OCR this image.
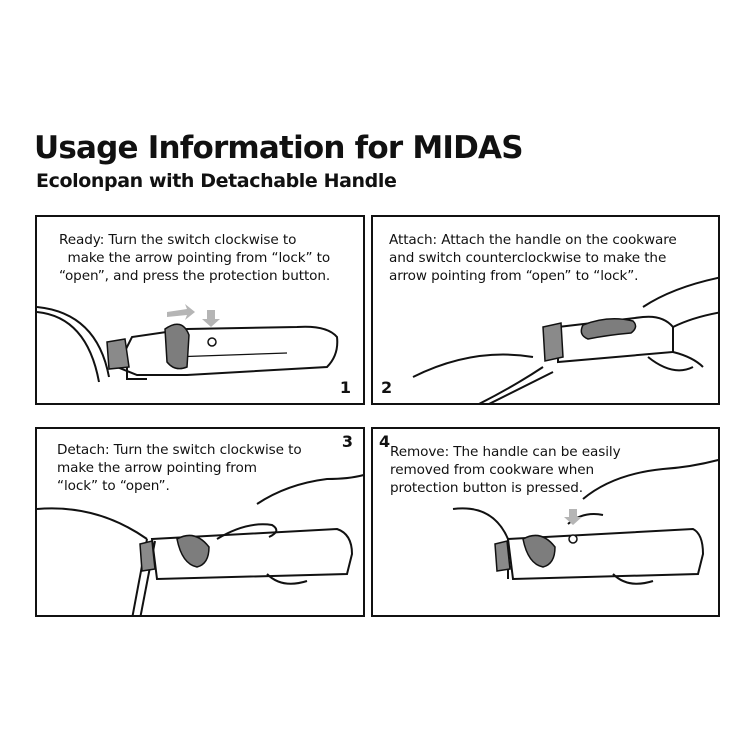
Usage Information for MIDAS
Ecolonpan with Detachable Handle
Ready: Turn the switch clockwise to
make the arrow pointing from “lock” to
“open”, and press the protection button.
1
Attach: Attach the handle on the cookware
and switch counterclockwise to make the
arrow pointing from “open” to “lock”.
2
Detach: Turn the switch clockwise to
make the arrow pointing from
“lock” to “open”.
3
Remove: The handle can be easily
removed from cookware when
protection button is pressed.
4
